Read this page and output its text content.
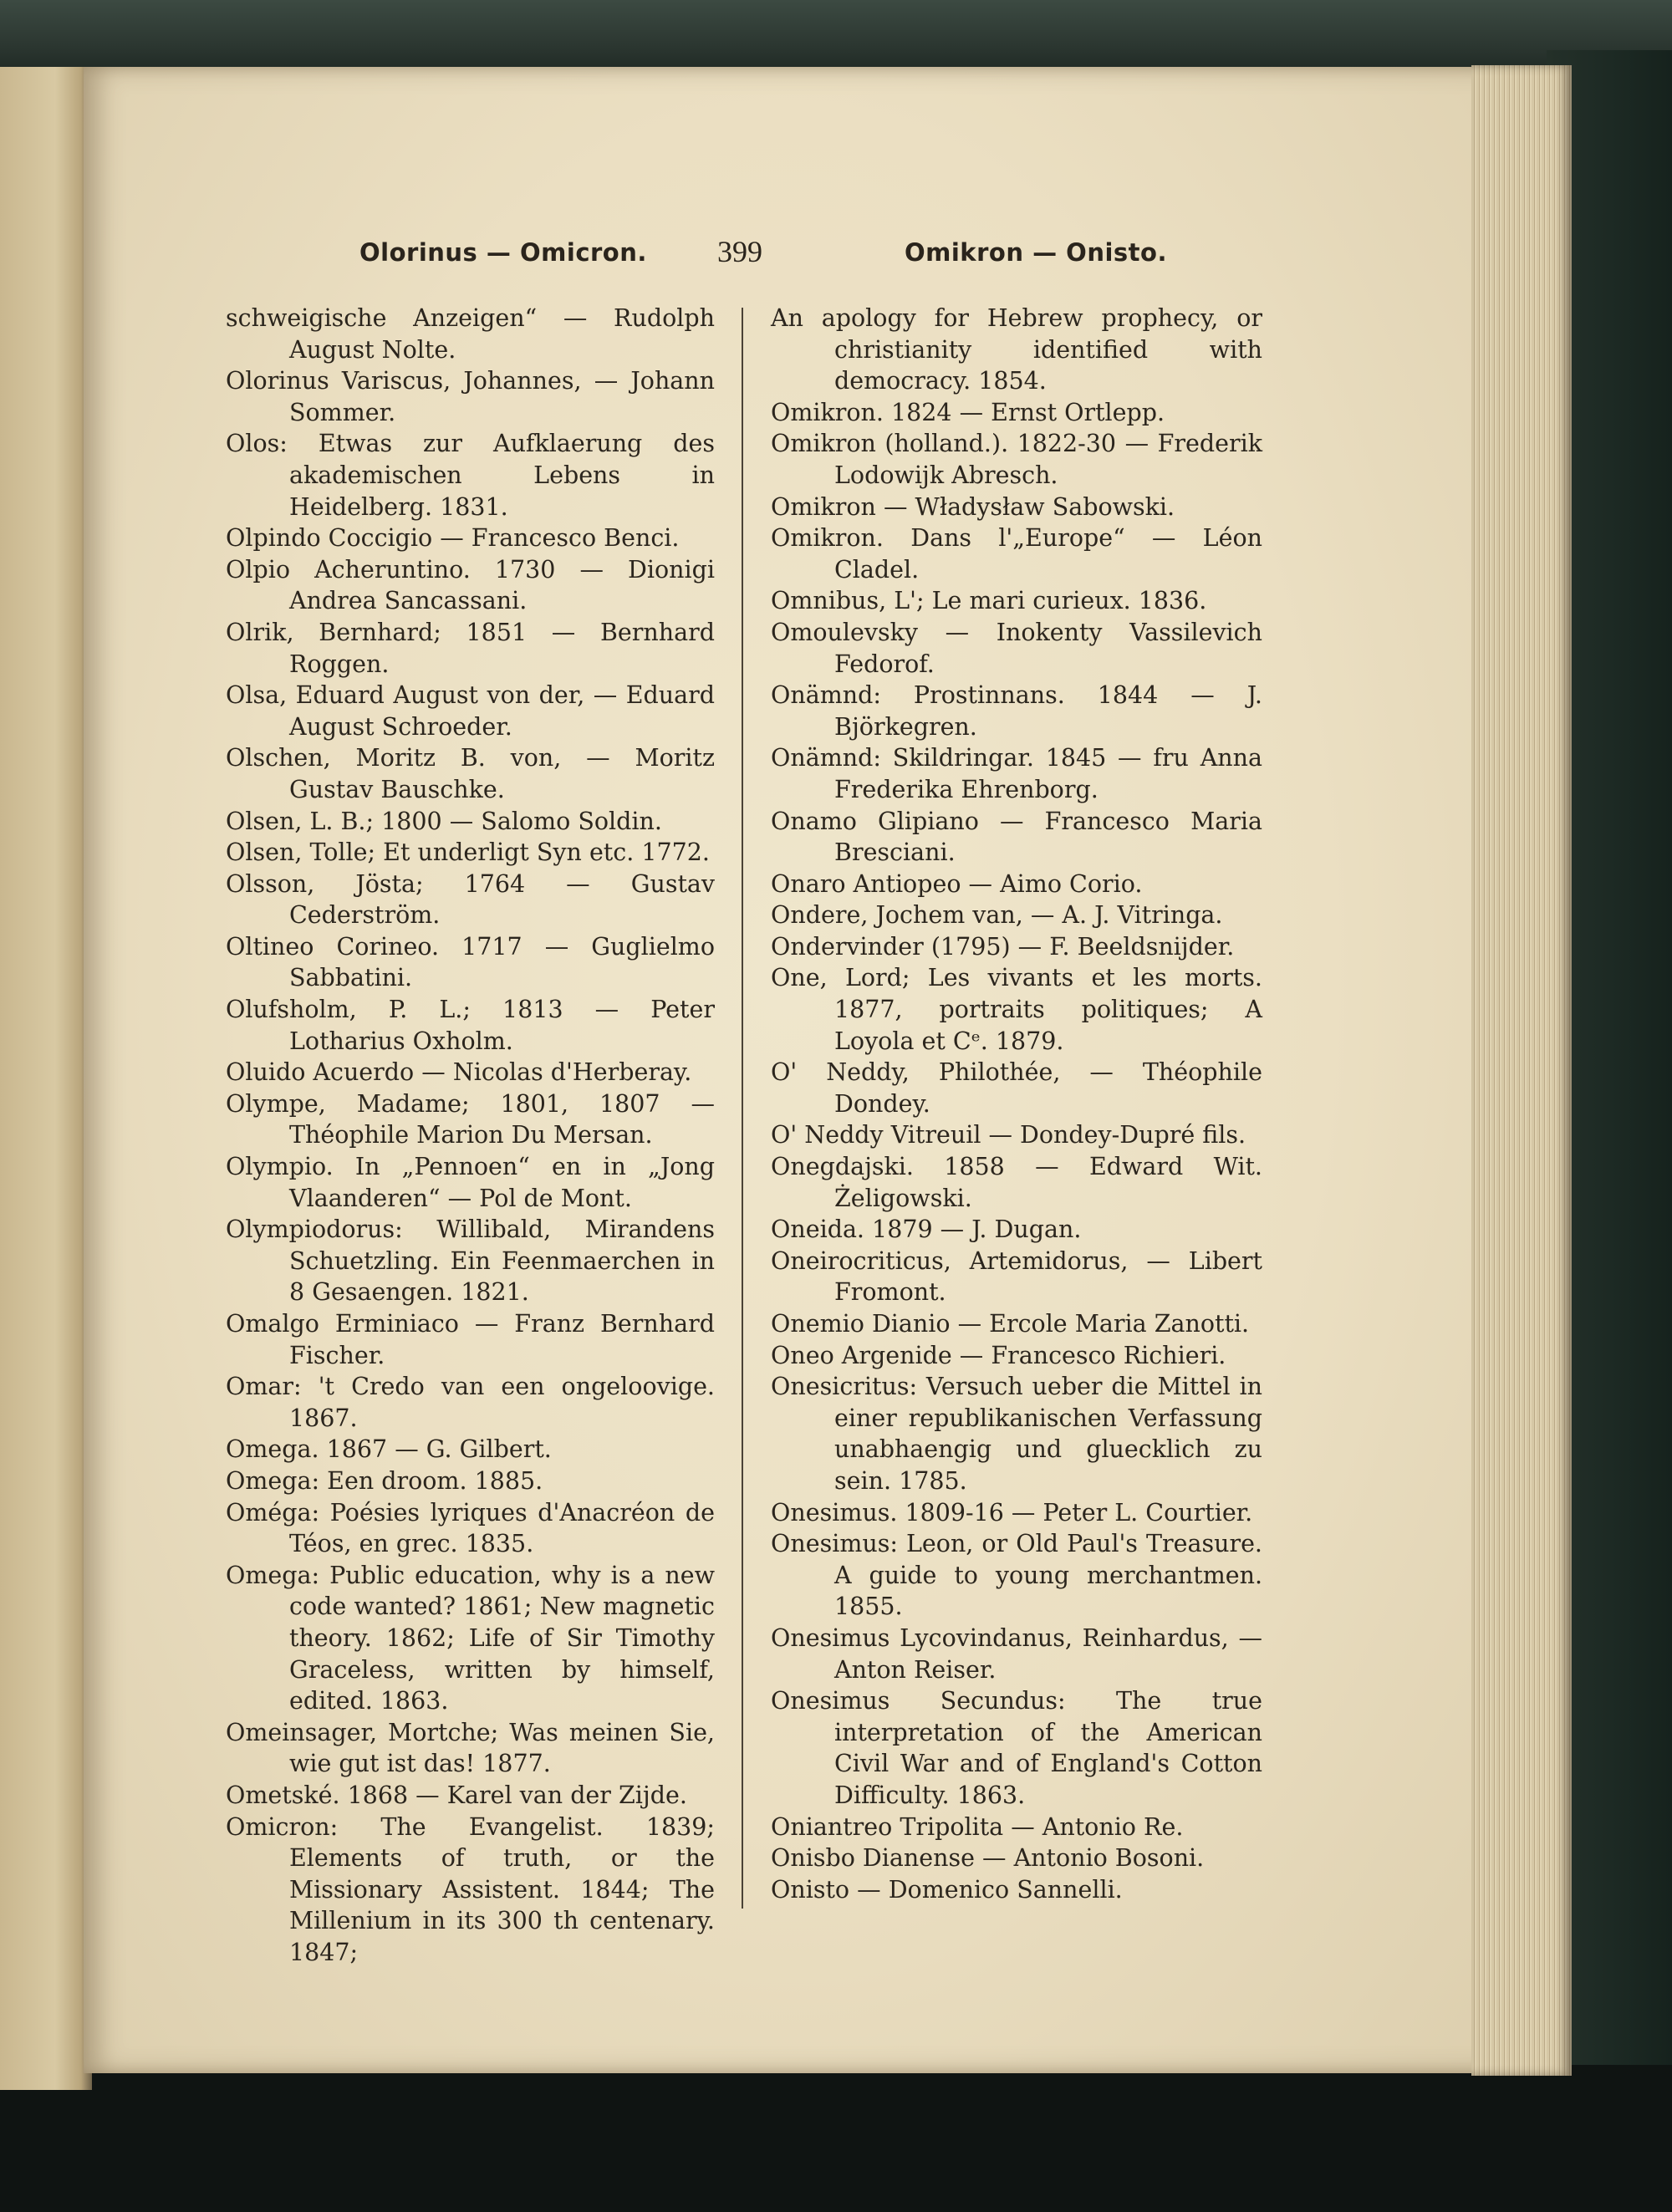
Olorinus — Omicron. 399	Omikron — Onisto.

schweigische Anzeigen“ — Rudolph August Nolte.

Olorinus Variscus, Johannes, — Johann Sommer.

Olos: Etwas zur Aufklaerung des akademischen Lebens in Heidelberg. 1831.

Olpindo Coccigio — Francesco Benci.

Olpio Acheruntino. 1730 — Dionigi Andrea Sancassani.

Olrik, Bernhard; 1851 — Bernhard Roggen.

Olsa, Eduard August von der, — Eduard August Schroeder.

Olschen, Moritz B. von, — Moritz Gustav Bauschke.

Olsen, L. B.; 1800 — Salomo Soldin.

Olsen, Tolle; Et underligt Syn etc. 1772.

Olsson, Jösta; 1764 — Gustav Cederström.

Oltineo Corineo. 1717 — Guglielmo Sabbatini.

Olufsholm, P. L.; 1813 — Peter Lotharius Oxholm.

Oluido Acuerdo — Nicolas d'Herberay.

Olympe, Madame; 1801, 1807 — Théophile Marion Du Mersan.

Olympio. In „Pennoen“ en in „Jong Vlaanderen“ — Pol de Mont.

Olympiodorus: Willibald, Mirandens Schuetzling. Ein Feenmaerchen in 8 Gesaengen. 1821.

Omalgo Erminiaco — Franz Bernhard Fischer.

Omar: 't Credo van een ongeloovige. 1867.

Omega. 1867 — G. Gilbert.

Omega: Een droom. 1885.

Oméga: Poésies lyriques d'Anacréon de Téos, en grec. 1835.

Omega: Public education, why is a new code wanted? 1861; New magnetic theory. 1862; Life of Sir Timothy Graceless, written by himself, edited. 1863.

Omeinsager, Mortche; Was meinen Sie, wie gut ist das! 1877.

Ometské. 1868 — Karel van der Zijde.

Omicron: The Evangelist. 1839; Elements of truth, or the Missionary Assistent. 1844; The Millenium in its 300 th centenary. 1847;

An apology for Hebrew prophecy, or christianity identified with democracy. 1854.

Omikron. 1824 — Ernst Ortlepp.

Omikron (holland.). 1822-30 — Frederik Lodowijk Abresch.

Omikron — Władysław Sabowski.

Omikron. Dans l'„Europe“ — Léon Cladel.

Omnibus, L'; Le mari curieux. 1836.

Omoulevsky — Inokenty Vassilevich Fedorof.

Onämnd: Prostinnans. 1844 — J. Björkegren.

Onämnd: Skildringar. 1845 — fru Anna Frederika Ehrenborg.

Onamo Glipiano — Francesco Maria Bresciani.

Onaro Antiopeo — Aimo Corio.

Ondere, Jochem van, — A. J. Vitringa.

Ondervinder (1795) — F. Beeldsnijder.

One, Lord; Les vivants et les morts. 1877, portraits politiques; A Loyola et Cᵉ. 1879.

O' Neddy, Philothée, — Théophile Dondey.

O' Neddy Vitreuil — Dondey-Dupré fils.

Onegdajski. 1858 — Edward Wit. Żeligowski.

Oneida. 1879 — J. Dugan.

Oneirocriticus, Artemidorus, — Libert Fromont.

Onemio Dianio — Ercole Maria Zanotti.

Oneo Argenide — Francesco Richieri.

Onesicritus: Versuch ueber die Mittel in einer republikanischen Verfassung unabhaengig und gluecklich zu sein. 1785.

Onesimus. 1809-16 — Peter L. Courtier.

Onesimus: Leon, or Old Paul's Treasure. A guide to young merchantmen. 1855.

Onesimus Lycovindanus, Reinhardus, — Anton Reiser.

Onesimus Secundus: The true interpretation of the American Civil War and of England's Cotton Difficulty. 1863.

Oniantreo Tripolita — Antonio Re.

Onisbo Dianense — Antonio Bosoni.

Onisto — Domenico Sannelli.
